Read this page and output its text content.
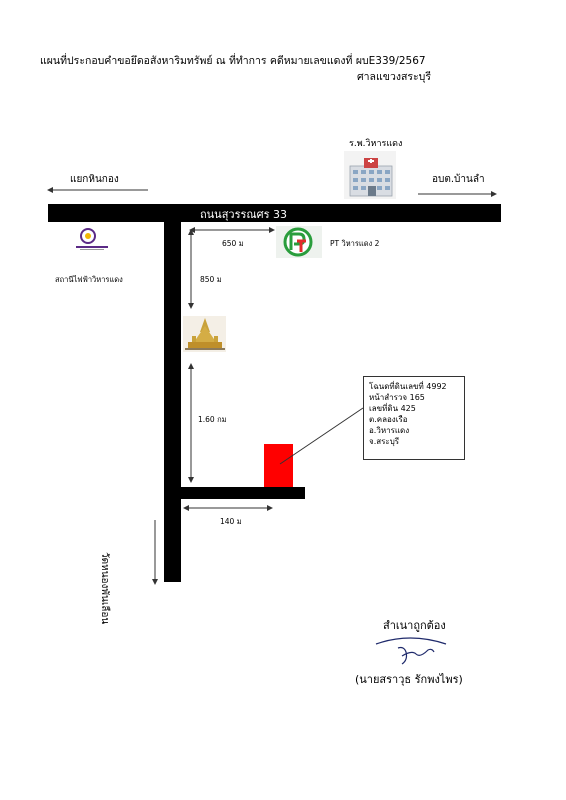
แผนที่ประกอบคำขอยึดอสังหาริมทรัพย์ ณ ที่ทำการ คดีหมายเลขแดงที่ ผบE339/2567
ศาลแขวงสระบุรี
ถนนสุวรรณศร 33
โฉนดที่ดินเลขที่ 4992
หน้าสำรวจ 165
เลขที่ดิน 425
ต.คลองเรือ
อ.วิหารแดง
จ.สระบุรี
แยกหินกอง	อบต.บ้านลำ
ร.พ.วิหารแดง
สถานีไฟฟ้าวิหารแดง
PT วิหารแดง 2
650 ม
850 ม
1.60 กม
140 ม
วัดหนองพันเลือน
สำเนาถูกต้อง
(นายสราวุธ รักพงไพร)
